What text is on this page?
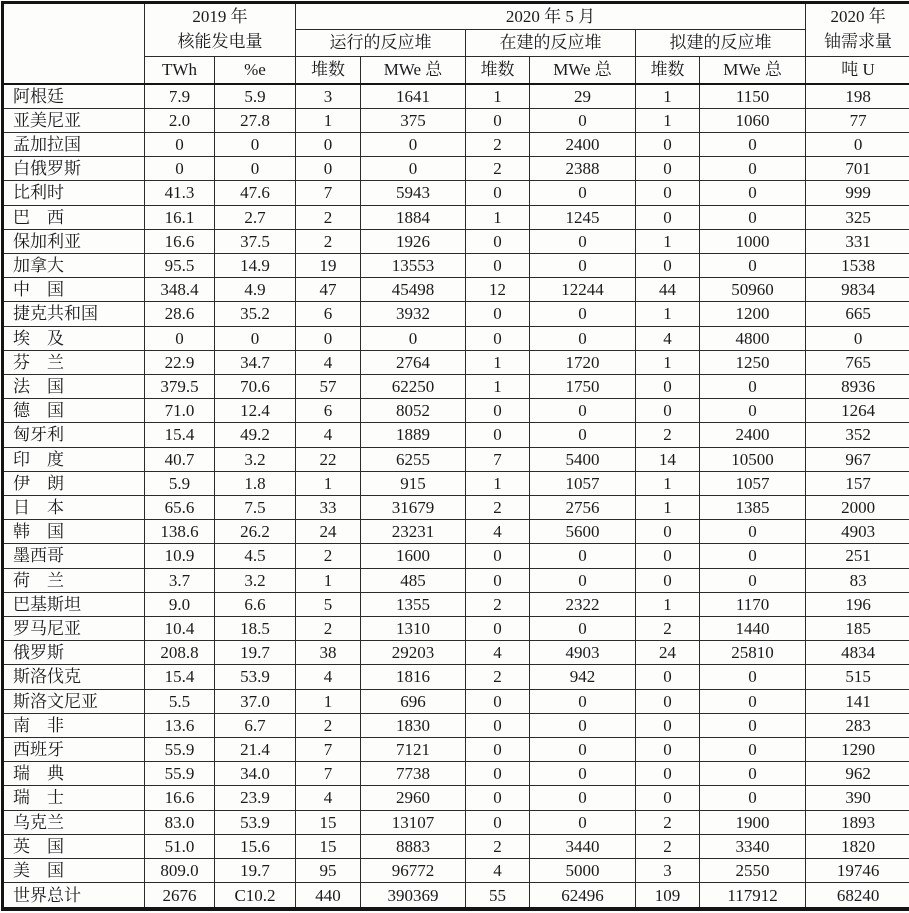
2019 年
核能发电量
	2020 年 5 月	2020 年
铀需求量

			运行的反应堆		在建的反应堆		拟建的反应堆		
	TWh	%e	堆数	MWe 总	堆数	MWe 总	堆数	MWe 总	吨 U
阿根廷	7.9	5.9	3	1641	1	29	1	1150	198
亚美尼亚	2.0	27.8	1	375	0	0	1	1060	77
孟加拉国	0	0	0	0	2	2400	0	0	0
白俄罗斯	0	0	0	0	2	2388	0	0	701
比利时	41.3	47.6	7	5943	0	0	0	0	999
巴　西	16.1	2.7	2	1884	1	1245	0	0	325
保加利亚	16.6	37.5	2	1926	0	0	1	1000	331
加拿大	95.5	14.9	19	13553	0	0	0	0	1538
中　国	348.4	4.9	47	45498	12	12244	44	50960	9834
捷克共和国	28.6	35.2	6	3932	0	0	1	1200	665
埃　及	0	0	0	0	0	0	4	4800	0
芬　兰	22.9	34.7	4	2764	1	1720	1	1250	765
法　国	379.5	70.6	57	62250	1	1750	0	0	8936
德　国	71.0	12.4	6	8052	0	0	0	0	1264
匈牙利	15.4	49.2	4	1889	0	0	2	2400	352
印　度	40.7	3.2	22	6255	7	5400	14	10500	967
伊　朗	5.9	1.8	1	915	1	1057	1	1057	157
日　本	65.6	7.5	33	31679	2	2756	1	1385	2000
韩　国	138.6	26.2	24	23231	4	5600	0	0	4903
墨西哥	10.9	4.5	2	1600	0	0	0	0	251
荷　兰	3.7	3.2	1	485	0	0	0	0	83
巴基斯坦	9.0	6.6	5	1355	2	2322	1	1170	196
罗马尼亚	10.4	18.5	2	1310	0	0	2	1440	185
俄罗斯	208.8	19.7	38	29203	4	4903	24	25810	4834
斯洛伐克	15.4	53.9	4	1816	2	942	0	0	515
斯洛文尼亚	5.5	37.0	1	696	0	0	0	0	141
南　非	13.6	6.7	2	1830	0	0	0	0	283
西班牙	55.9	21.4	7	7121	0	0	0	0	1290
瑞　典	55.9	34.0	7	7738	0	0	0	0	962
瑞　士	16.6	23.9	4	2960	0	0	0	0	390
乌克兰	83.0	53.9	15	13107	0	0	2	1900	1893
英　国	51.0	15.6	15	8883	2	3440	2	3340	1820
美　国	809.0	19.7	95	96772	4	5000	3	2550	19746
世界总计	2676	C10.2	440	390369	55	62496	109	117912	68240
